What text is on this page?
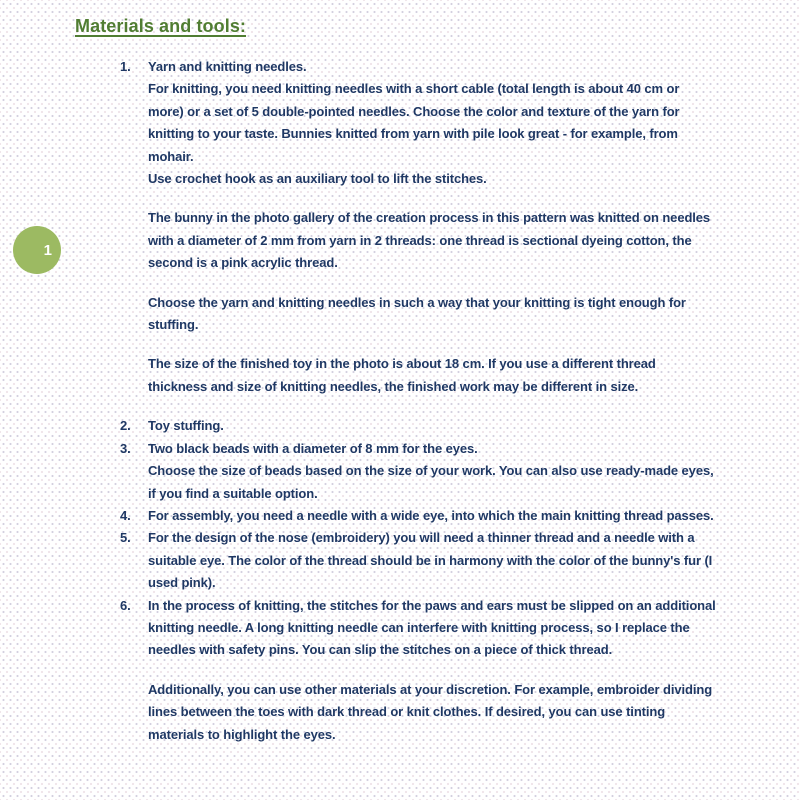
1
Materials and tools:
1.	Yarn and knitting needles.
For knitting, you need knitting needles with a short cable (total length is about 40 cm or more) or a set of 5 double-pointed needles. Choose the color and texture of the yarn for knitting to your taste. Bunnies knitted from yarn with pile look great - for example, from mohair.
Use crochet hook as an auxiliary tool to lift the stitches.
The bunny in the photo gallery of the creation process in this pattern was knitted on needles with a diameter of 2 mm from yarn in 2 threads: one thread is sectional dyeing cotton, the second is a pink acrylic thread.
Choose the yarn and knitting needles in such a way that your knitting is tight enough for stuffing.
The size of the finished toy in the photo is about 18 cm. If you use a different thread thickness and size of knitting needles, the finished work may be different in size.
2.	Toy stuffing.
3.	Two black beads with a diameter of 8 mm for the eyes.
Choose the size of beads based on the size of your work. You can also use ready-made eyes, if you find a suitable option.
4.	For assembly, you need a needle with a wide eye, into which the main knitting thread passes.
5.	For the design of the nose (embroidery) you will need a thinner thread and a needle with a suitable eye. The color of the thread should be in harmony with the color of the bunny's fur (I used pink).
6.	In the process of knitting, the stitches for the paws and ears must be slipped on an additional knitting needle. A long knitting needle can interfere with knitting process, so I replace the needles with safety pins. You can slip the stitches on a piece of thick thread.
Additionally, you can use other materials at your discretion. For example, embroider dividing lines between the toes with dark thread or knit clothes. If desired, you can use tinting materials to highlight the eyes.
